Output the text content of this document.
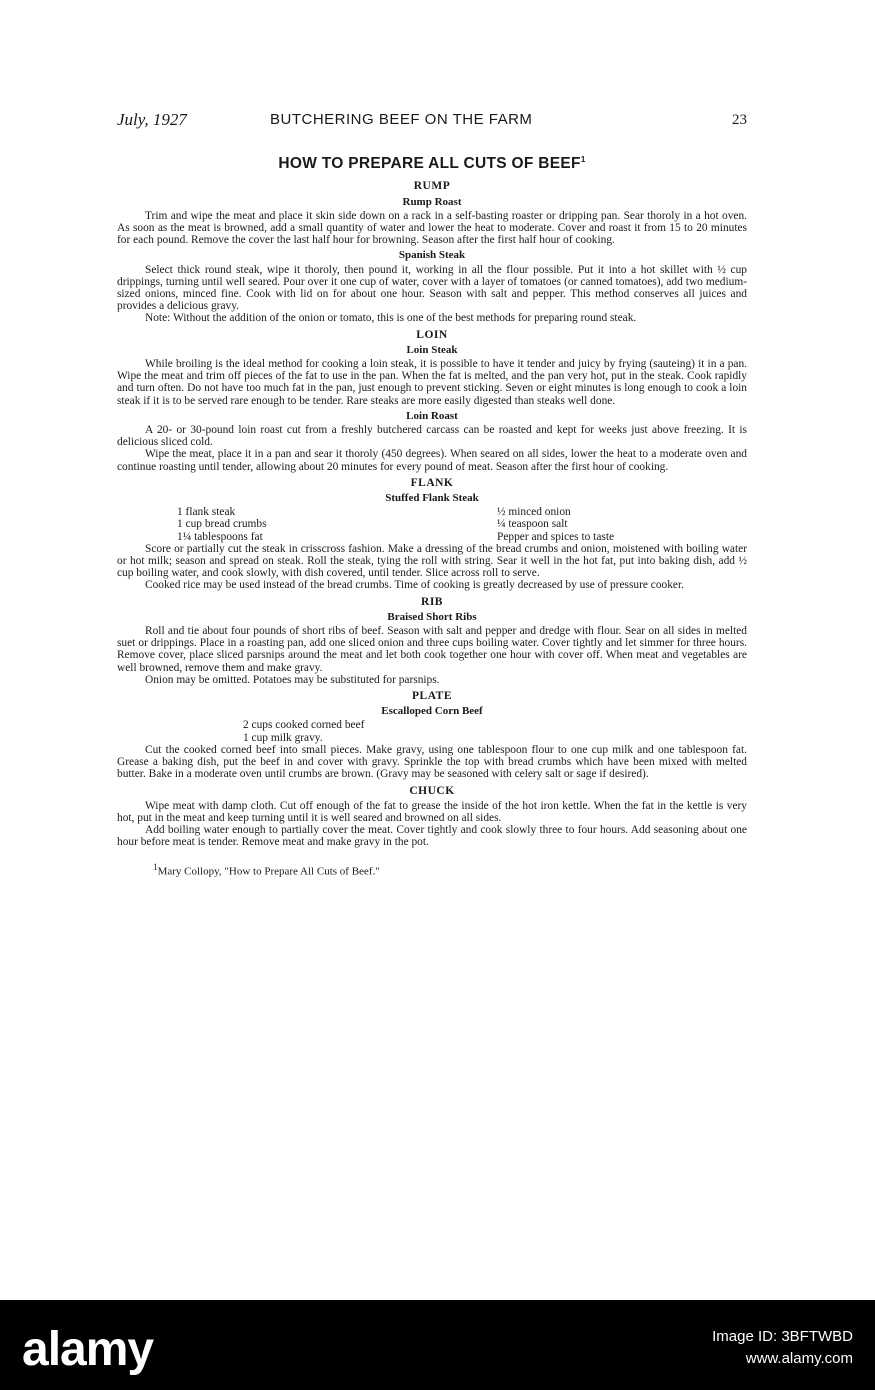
July, 1927	BUTCHERING BEEF ON THE FARM	23
HOW TO PREPARE ALL CUTS OF BEEF$^1$
RUMP
Rump Roast

Trim and wipe the meat and place it skin side down on a rack in a self-basting roaster or dripping pan. Sear thoroly in a hot oven. As soon as the meat is browned, add a small quantity of water and lower the heat to moderate. Cover and roast it from 15 to 20 minutes for each pound. Remove the cover the last half hour for browning. Season after the first half hour of cooking.

Spanish Steak

Select thick round steak, wipe it thoroly, then pound it, working in all the flour possible. Put it into a hot skillet with ½ cup drippings, turning until well seared. Pour over it one cup of water, cover with a layer of tomatoes (or canned tomatoes), add two medium-sized onions, minced fine. Cook with lid on for about one hour. Season with salt and pepper. This method conserves all juices and provides a delicious gravy.

Note: Without the addition of the onion or tomato, this is one of the best methods for preparing round steak.

LOIN
Loin Steak

While broiling is the ideal method for cooking a loin steak, it is possible to have it tender and juicy by frying (sauteing) it in a pan. Wipe the meat and trim off pieces of the fat to use in the pan. When the fat is melted, and the pan very hot, put in the steak. Cook rapidly and turn often. Do not have too much fat in the pan, just enough to prevent sticking. Seven or eight minutes is long enough to cook a loin steak if it is to be served rare enough to be tender. Rare steaks are more easily digested than steaks well done.

Loin Roast

A 20- or 30-pound loin roast cut from a freshly butchered carcass can be roasted and kept for weeks just above freezing. It is delicious sliced cold.

Wipe the meat, place it in a pan and sear it thoroly (450 degrees). When seared on all sides, lower the heat to a moderate oven and continue roasting until tender, allowing about 20 minutes for every pound of meat. Season after the first hour of cooking.

FLANK
Stuffed Flank Steak
1 flank steak	½ minced onion
1 cup bread crumbs	¼ teaspoon salt
1¼ tablespoons fat	Pepper and spices to taste

Score or partially cut the steak in crisscross fashion. Make a dressing of the bread crumbs and onion, moistened with boiling water or hot milk; season and spread on steak. Roll the steak, tying the roll with string. Sear it well in the hot fat, put into baking dish, add ½ cup boiling water, and cook slowly, with dish covered, until tender. Slice across roll to serve.

Cooked rice may be used instead of the bread crumbs. Time of cooking is greatly decreased by use of pressure cooker.

RIB
Braised Short Ribs

Roll and tie about four pounds of short ribs of beef. Season with salt and pepper and dredge with flour. Sear on all sides in melted suet or drippings. Place in a roasting pan, add one sliced onion and three cups boiling water. Cover tightly and let simmer for three hours. Remove cover, place sliced parsnips around the meat and let both cook together one hour with cover off. When meat and vegetables are well browned, remove them and make gravy.

Onion may be omitted. Potatoes may be substituted for parsnips.

PLATE
Escalloped Corn Beef
2 cups cooked corned beef
1 cup milk gravy.

Cut the cooked corned beef into small pieces. Make gravy, using one tablespoon flour to one cup milk and one tablespoon fat. Grease a baking dish, put the beef in and cover with gravy. Sprinkle the top with bread crumbs which have been mixed with melted butter. Bake in a moderate oven until crumbs are brown. (Gravy may be seasoned with celery salt or sage if desired).

CHUCK

Wipe meat with damp cloth. Cut off enough of the fat to grease the inside of the hot iron kettle. When the fat in the kettle is very hot, put in the meat and keep turning until it is well seared and browned on all sides.

Add boiling water enough to partially cover the meat. Cover tightly and cook slowly three to four hours. Add seasoning about one hour before meat is tender. Remove meat and make gravy in the pot.

$^1$Mary Collopy, "How to Prepare All Cuts of Beef."
alamy	Image ID: 3BFTWBD
www.alamy.com
